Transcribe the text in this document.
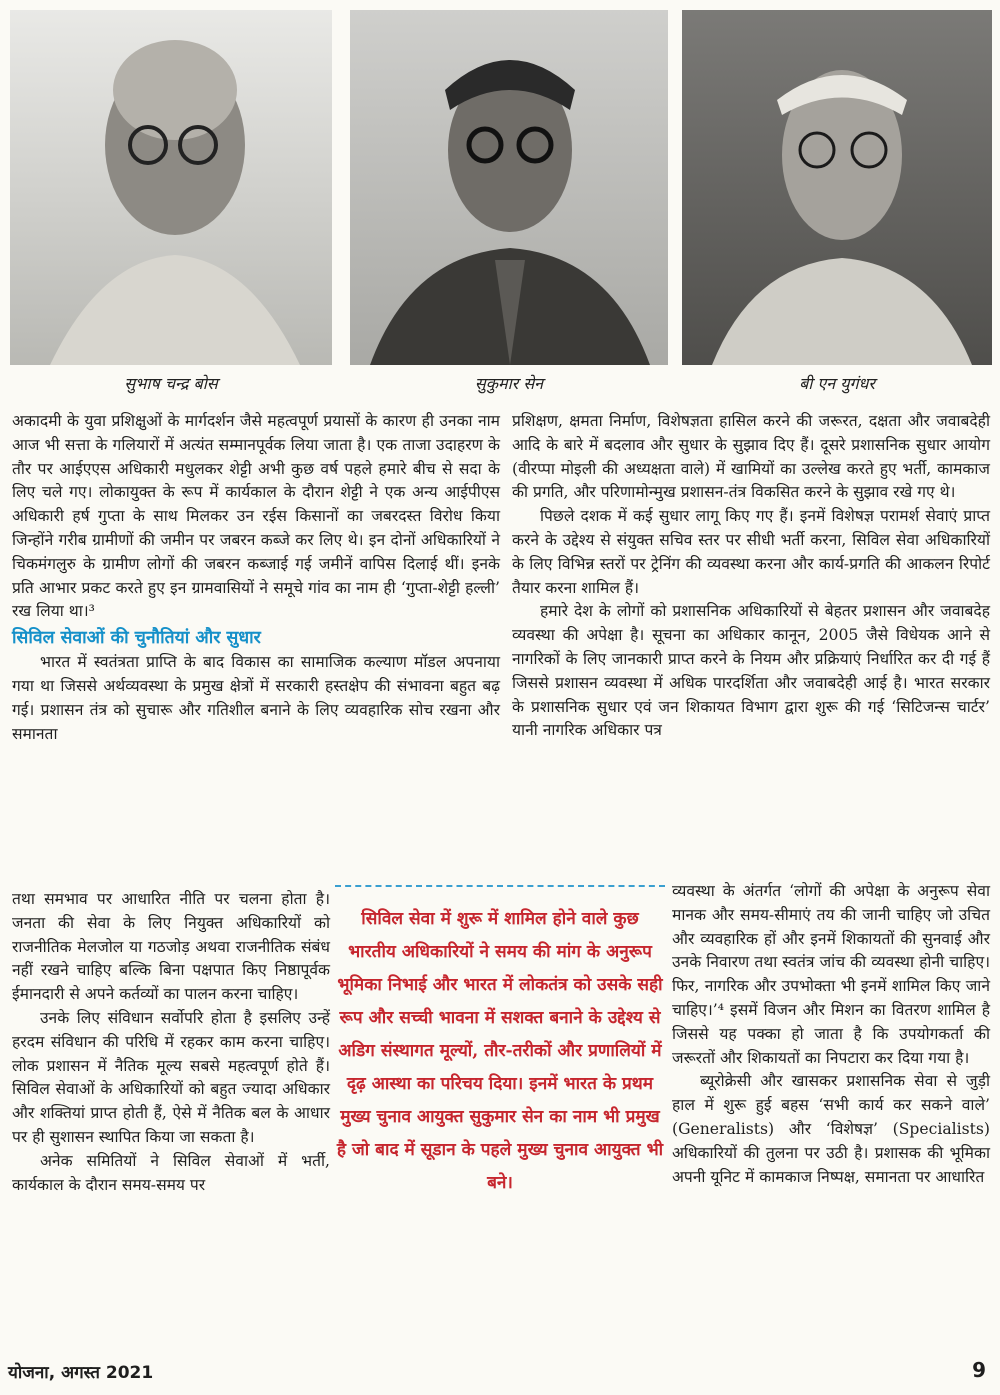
सुभाष चन्द्र बोस	सुकुमार सेन	बी एन युगंधर

अकादमी के युवा प्रशिक्षुओं के मार्गदर्शन जैसे महत्वपूर्ण प्रयासों के कारण ही उनका नाम आज भी सत्ता के गलियारों में अत्यंत सम्मानपूर्वक लिया जाता है। एक ताजा उदाहरण के तौर पर आईएएस अधिकारी मधुलकर शेट्टी अभी कुछ वर्ष पहले हमारे बीच से सदा के लिए चले गए। लोकायुक्त के रूप में कार्यकाल के दौरान शेट्टी ने एक अन्य आईपीएस अधिकारी हर्ष गुप्ता के साथ मिलकर उन रईस किसानों का जबरदस्त विरोध किया जिन्होंने गरीब ग्रामीणों की जमीन पर जबरन कब्जे कर लिए थे। इन दोनों अधिकारियों ने चिकमंगलुरु के ग्रामीण लोगों की जबरन कब्जाई गई जमीनें वापिस दिलाई थीं। इनके प्रति आभार प्रकट करते हुए इन ग्रामवासियों ने समूचे गांव का नाम ही ‘गुप्ता-शेट्टी हल्ली’ रख लिया था।³

सिविल सेवाओं की चुनौतियां और सुधार

भारत में स्वतंत्रता प्राप्ति के बाद विकास का सामाजिक कल्याण मॉडल अपनाया गया था जिससे अर्थव्यवस्था के प्रमुख क्षेत्रों में सरकारी हस्तक्षेप की संभावना बहुत बढ़ गई। प्रशासन तंत्र को सुचारू और गतिशील बनाने के लिए व्यवहारिक सोच रखना और समानता

तथा समभाव पर आधारित नीति पर चलना होता है। जनता की सेवा के लिए नियुक्त अधिकारियों को राजनीतिक मेलजोल या गठजोड़ अथवा राजनीतिक संबंध नहीं रखने चाहिए बल्कि बिना पक्षपात किए निष्ठापूर्वक ईमानदारी से अपने कर्तव्यों का पालन करना चाहिए।

उनके लिए संविधान सर्वोपरि होता है इसलिए उन्हें हरदम संविधान की परिधि में रहकर काम करना चाहिए। लोक प्रशासन में नैतिक मूल्य सबसे महत्वपूर्ण होते हैं। सिविल सेवाओं के अधिकारियों को बहुत ज्यादा अधिकार और शक्तियां प्राप्त होती हैं, ऐसे में नैतिक बल के आधार पर ही सुशासन स्थापित किया जा सकता है।

अनेक समितियों ने सिविल सेवाओं में भर्ती, कार्यकाल के दौरान समय-समय पर

प्रशिक्षण, क्षमता निर्माण, विशेषज्ञता हासिल करने की जरूरत, दक्षता और जवाबदेही आदि के बारे में बदलाव और सुधार के सुझाव दिए हैं। दूसरे प्रशासनिक सुधार आयोग (वीरप्पा मोइली की अध्यक्षता वाले) में खामियों का उल्लेख करते हुए भर्ती, कामकाज की प्रगति, और परिणामोन्मुख प्रशासन-तंत्र विकसित करने के सुझाव रखे गए थे।

पिछले दशक में कई सुधार लागू किए गए हैं। इनमें विशेषज्ञ परामर्श सेवाएं प्राप्त करने के उद्देश्य से संयुक्त सचिव स्तर पर सीधी भर्ती करना, सिविल सेवा अधिकारियों के लिए विभिन्न स्तरों पर ट्रेनिंग की व्यवस्था करना और कार्य-प्रगति की आकलन रिपोर्ट तैयार करना शामिल हैं।

हमारे देश के लोगों को प्रशासनिक अधिकारियों से बेहतर प्रशासन और जवाबदेह व्यवस्था की अपेक्षा है। सूचना का अधिकार कानून, 2005 जैसे विधेयक आने से नागरिकों के लिए जानकारी प्राप्त करने के नियम और प्रक्रियाएं निर्धारित कर दी गई हैं जिससे प्रशासन व्यवस्था में अधिक पारदर्शिता और जवाबदेही आई है। भारत सरकार के प्रशासनिक सुधार एवं जन शिकायत विभाग द्वारा शुरू की गई ‘सिटिजन्स चार्टर’ यानी नागरिक अधिकार पत्र

व्यवस्था के अंतर्गत ‘लोगों की अपेक्षा के अनुरूप सेवा मानक और समय-सीमाएं तय की जानी चाहिए जो उचित और व्यवहारिक हों और इनमें शिकायतों की सुनवाई और उनके निवारण तथा स्वतंत्र जांच की व्यवस्था होनी चाहिए। फिर, नागरिक और उपभोक्ता भी इनमें शामिल किए जाने चाहिए।’⁴ इसमें विजन और मिशन का वितरण शामिल है जिससे यह पक्का हो जाता है कि उपयोगकर्ता की जरूरतों और शिकायतों का निपटारा कर दिया गया है।

ब्यूरोक्रेसी और खासकर प्रशासनिक सेवा से जुड़ी हाल में शुरू हुई बहस ‘सभी कार्य कर सकने वाले’ (Generalists) और ‘विशेषज्ञ’ (Specialists) अधिकारियों की तुलना पर उठी है। प्रशासक की भूमिका अपनी यूनिट में कामकाज निष्पक्ष, समानता पर आधारित

सिविल सेवा में शुरू में शामिल होने वाले कुछ भारतीय अधिकारियों ने समय की मांग के अनुरूप भूमिका निभाई और भारत में लोकतंत्र को उसके सही रूप और सच्ची भावना में सशक्त बनाने के उद्देश्य से अडिग संस्थागत मूल्यों, तौर-तरीकों और प्रणालियों में दृढ़ आस्था का परिचय दिया। इनमें भारत के प्रथम मुख्य चुनाव आयुक्त सुकुमार सेन का नाम भी प्रमुख है जो बाद में सूडान के पहले मुख्य चुनाव आयुक्त भी बने।
योजना, अगस्त 2021	9
